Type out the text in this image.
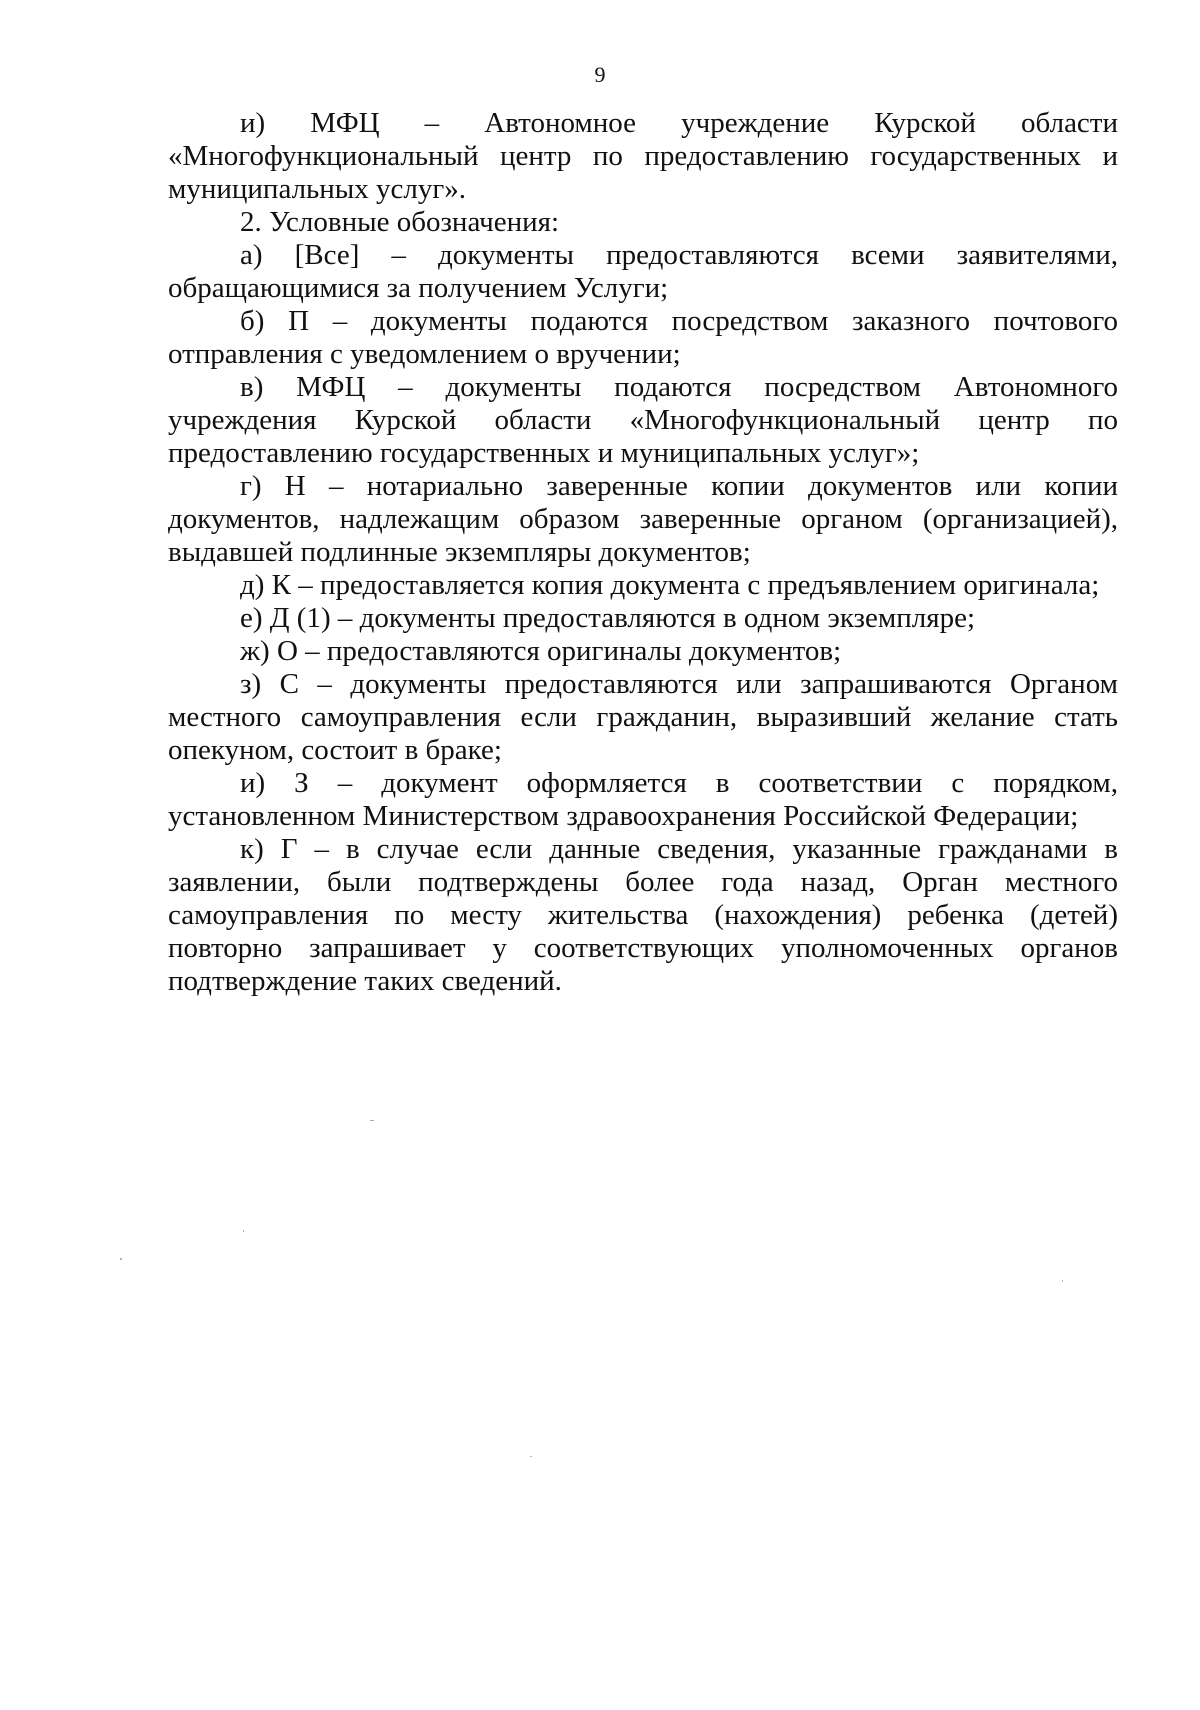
9

и) МФЦ – Автономное учреждение Курской области «Многофункциональный центр по предоставлению государственных и муниципальных услуг».

2. Условные обозначения:

а) [Все] – документы предоставляются всеми заявителями, обращающимися за получением Услуги;

б) П – документы подаются посредством заказного почтового отправления с уведомлением о вручении;

в) МФЦ – документы подаются посредством Автономного учреждения Курской области «Многофункциональный центр по предоставлению государственных и муниципальных услуг»;

г) Н – нотариально заверенные копии документов или копии документов, надлежащим образом заверенные органом (организацией), выдавшей подлинные экземпляры документов;

д) К – предоставляется копия документа с предъявлением оригинала;

е) Д (1) – документы предоставляются в одном экземпляре;

ж) О – предоставляются оригиналы документов;

з) С – документы предоставляются или запрашиваются Органом местного самоуправления если гражданин, выразивший желание стать опекуном, состоит в браке;

и) З – документ оформляется в соответствии с порядком, установленном Министерством здравоохранения Российской Федерации;

к) Г – в случае если данные сведения, указанные гражданами в заявлении, были подтверждены более года назад, Орган местного самоуправления по месту жительства (нахождения) ребенка (детей) повторно запрашивает у соответствующих уполномоченных органов подтверждение таких сведений.
